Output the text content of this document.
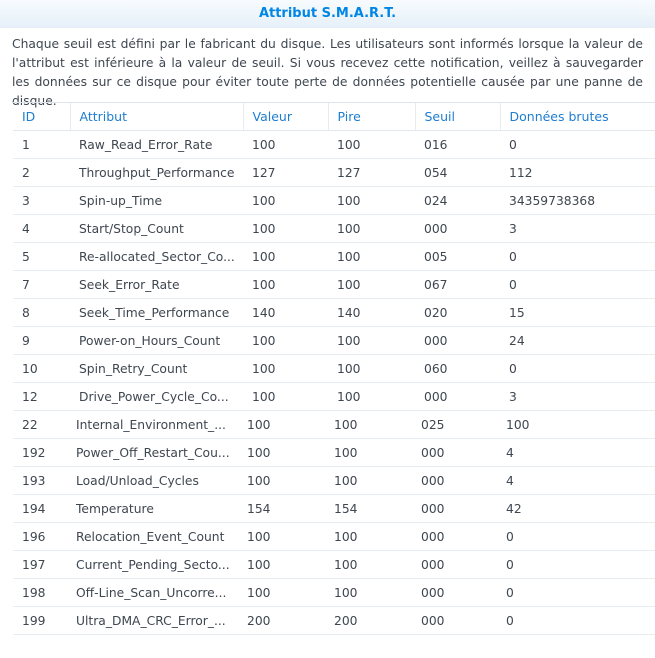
Attribut S.M.A.R.T.
Chaque seuil est défini par le fabricant du disque. Les utilisateurs sont informés lorsque la valeur de l'attribut est inférieure à la valeur de seuil. Si vous recevez cette notification, veillez à sauvegarder les données sur ce disque pour éviter toute perte de données potentielle causée par une panne de disque.
ID	Attribut	Valeur	Pire	Seuil	Données brutes

1	Raw_Read_Error_Rate	100	100	016	0

2	Throughput_Performance	127	127	054	112

3	Spin-up_Time	100	100	024	34359738368

4	Start/Stop_Count	100	100	000	3

5	Re-allocated_Sector_Co...	100	100	005	0

7	Seek_Error_Rate	100	100	067	0

8	Seek_Time_Performance	140	140	020	15

9	Power-on_Hours_Count	100	100	000	24

10	Spin_Retry_Count	100	100	060	0

12	Drive_Power_Cycle_Co...	100	100	000	3

22	Internal_Environment_...	100	100	025	100

192	Power_Off_Restart_Cou...	100	100	000	4

193	Load/Unload_Cycles	100	100	000	4

194	Temperature	154	154	000	42

196	Relocation_Event_Count	100	100	000	0

197	Current_Pending_Secto...	100	100	000	0

198	Off-Line_Scan_Uncorre...	100	100	000	0

199	Ultra_DMA_CRC_Error_...	200	200	000	0
